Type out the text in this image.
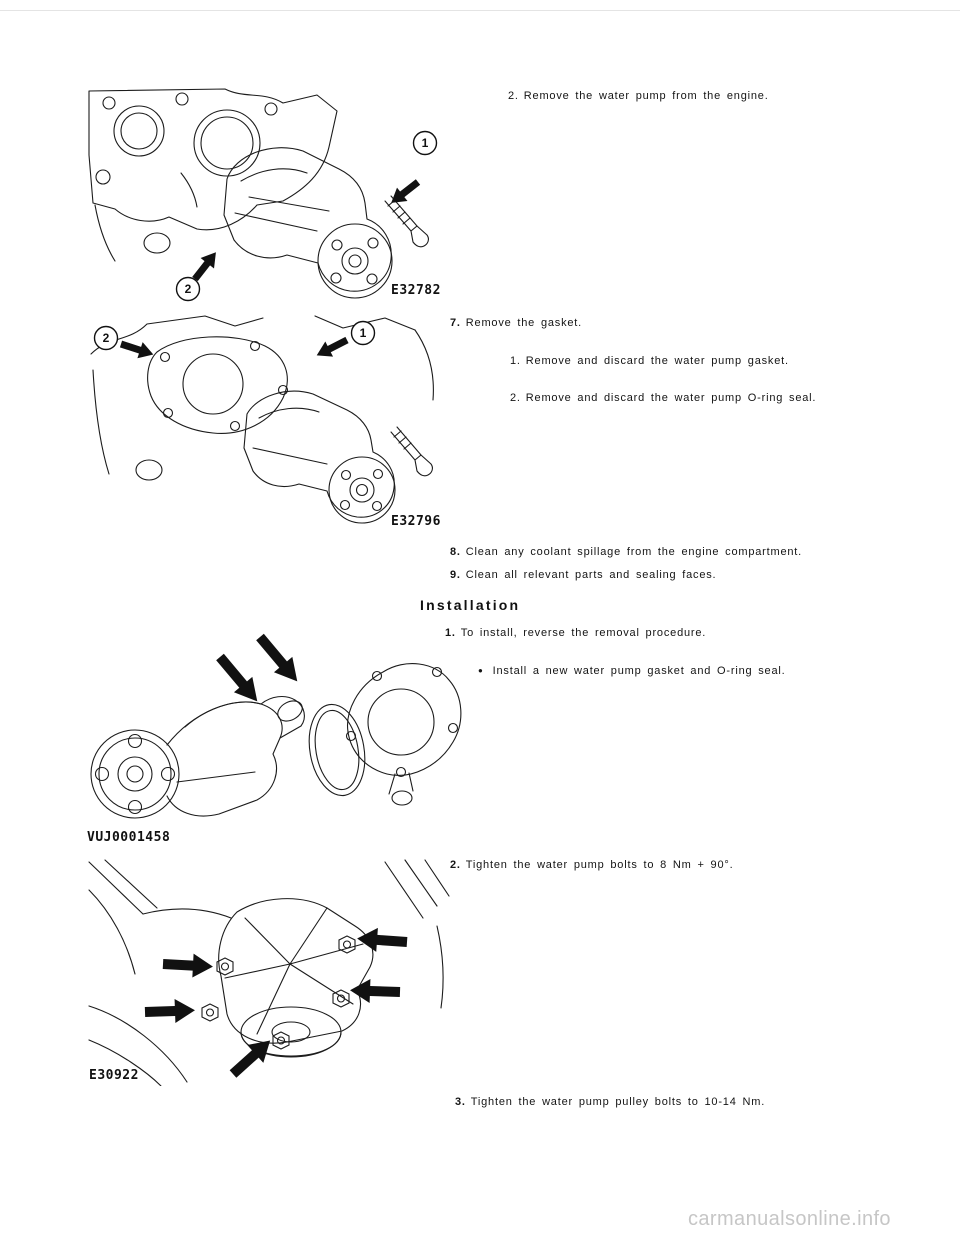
1
2	E32782
2. Remove the water pump from the engine.
2	1
E32796
7. Remove the gasket.
1. Remove and discard the water pump gasket.
2. Remove and discard the water pump O-ring seal.
8. Clean any coolant spillage from the engine compartment.
9. Clean all relevant parts and sealing faces.
Installation
1. To install, reverse the removal procedure.
● Install a new water pump gasket and O-ring seal.
VUJ0001458
E30922
2. Tighten the water pump bolts to 8 Nm + 90°.
3. Tighten the water pump pulley bolts to 10-14 Nm.
carmanualsonline.info
